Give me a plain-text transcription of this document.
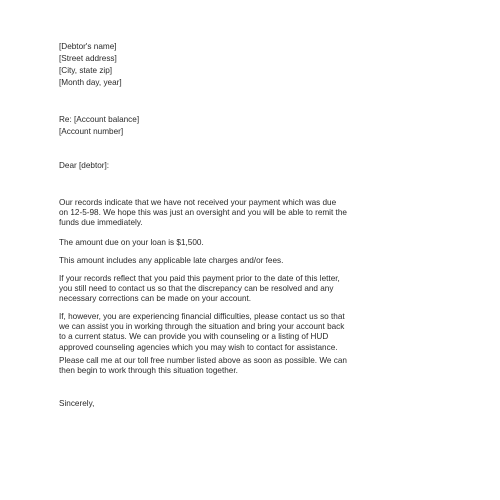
[Debtor's name]
[Street address]
[City, state zip]
[Month day, year]
Re: [Account balance]
[Account number]
Dear [debtor]:
Our records indicate that we have not received your payment which was due
on 12-5-98. We hope this was just an oversight and you will be able to remit the
funds due immediately.
The amount due on your loan is $1,500.
This amount includes any applicable late charges and/or fees.
If your records reflect that you paid this payment prior to the date of this letter,
you still need to contact us so that the discrepancy can be resolved and any
necessary corrections can be made on your account.
If, however, you are experiencing financial difficulties, please contact us so that
we can assist you in working through the situation and bring your account back
to a current status. We can provide you with counseling or a listing of HUD
approved counseling agencies which you may wish to contact for assistance.
Please call me at our toll free number listed above as soon as possible. We can
then begin to work through this situation together.
Sincerely,
